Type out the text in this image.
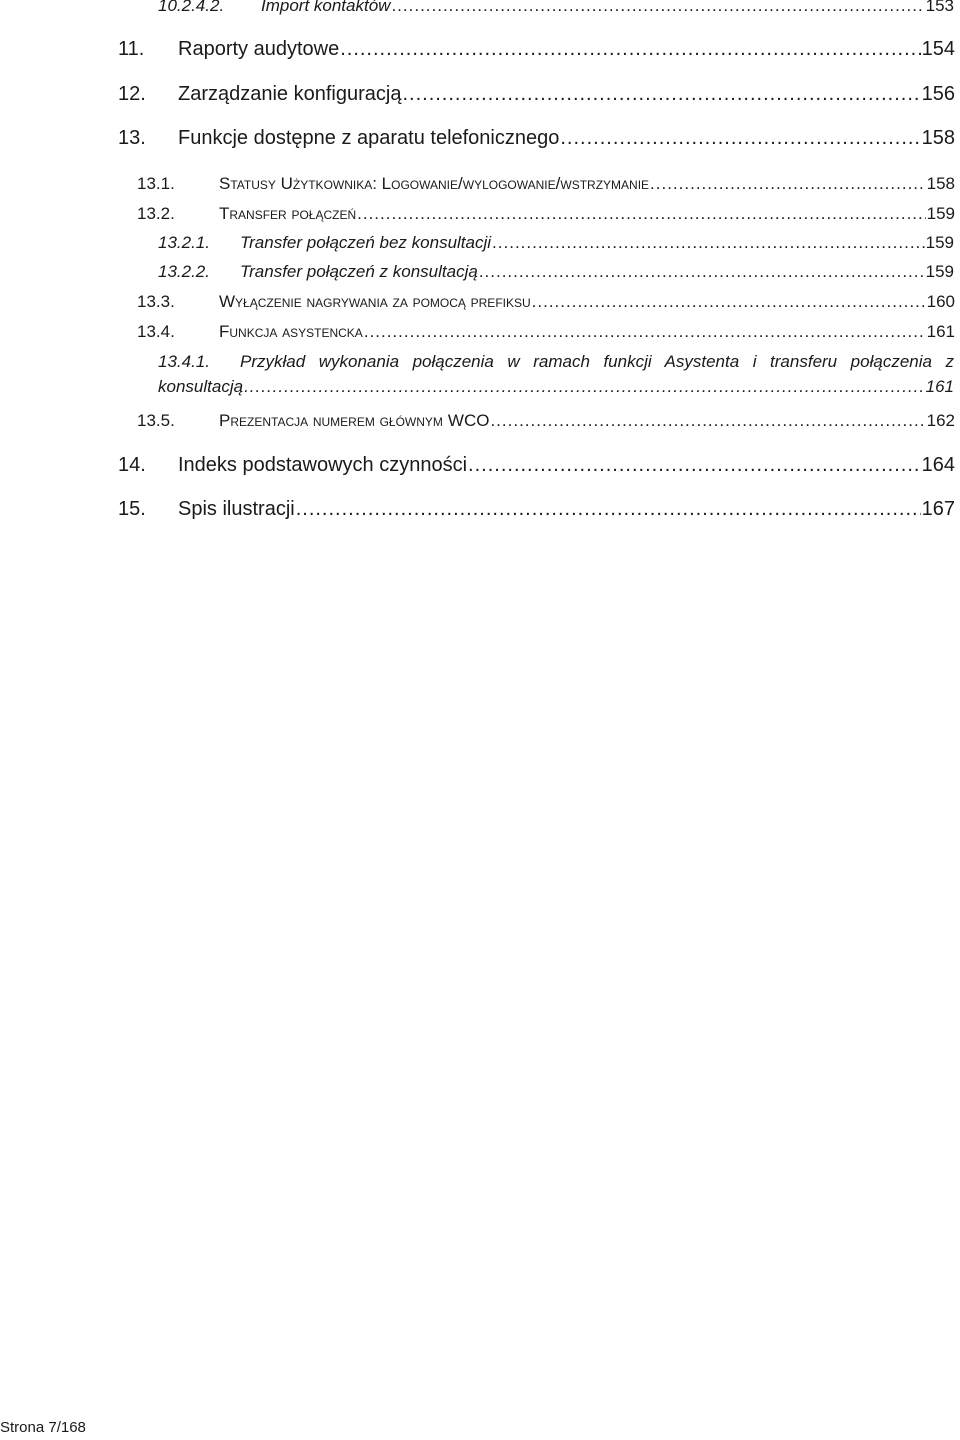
10.2.4.2.	Import kontaktów .....	153
11.	Raporty audytowe .....	154
12.	Zarządzanie konfiguracją .....	156
13.	Funkcje dostępne z aparatu telefonicznego .....	158
13.1.	Statusy Użytkownika: Logowanie/wylogowanie/wstrzymanie .....	158
13.2.	Transfer połączeń .....	159
13.2.1.	Transfer połączeń bez konsultacji .....	159
13.2.2.	Transfer połączeń z konsultacją .....	159
13.3.	Wyłączenie nagrywania za pomocą prefiksu .....	160
13.4.	Funkcja asystencka .....	161
13.4.1.	Przykład wykonania połączenia w ramach funkcji Asystenta i transferu połączenia z
konsultacją .....	161
13.5.	Prezentacja numerem głównym WCO .....	162
14.	Indeks podstawowych czynności .....	164
15.	Spis ilustracji .....	167
Strona 7/168
